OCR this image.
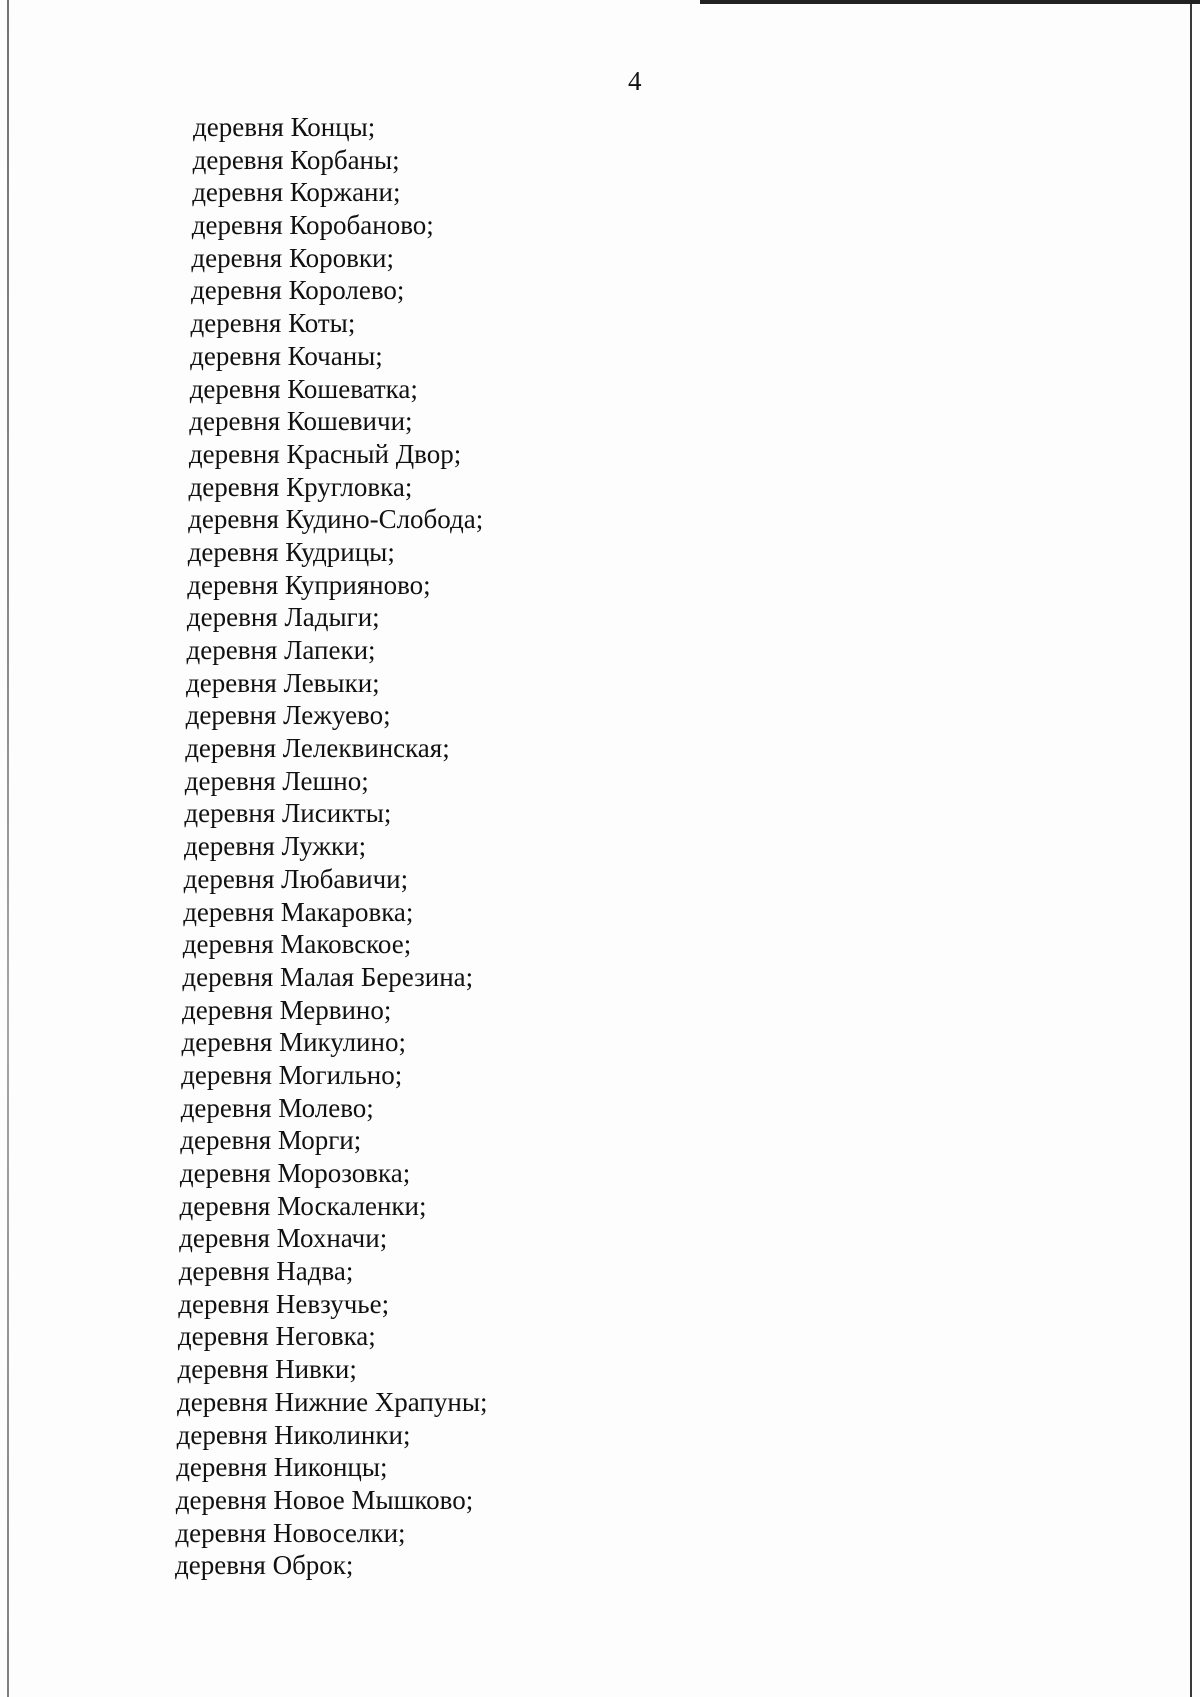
4
деревня Концы;
деревня Корбаны;
деревня Коржани;
деревня Коробаново;
деревня Коровки;
деревня Королево;
деревня Коты;
деревня Кочаны;
деревня Кошеватка;
деревня Кошевичи;
деревня Красный Двор;
деревня Кругловка;
деревня Кудино-Слобода;
деревня Кудрицы;
деревня Куприяново;
деревня Ладыги;
деревня Лапеки;
деревня Левыки;
деревня Лежуево;
деревня Лелеквинская;
деревня Лешно;
деревня Лисикты;
деревня Лужки;
деревня Любавичи;
деревня Макаровка;
деревня Маковское;
деревня Малая Березина;
деревня Мервино;
деревня Микулино;
деревня Могильно;
деревня Молево;
деревня Морги;
деревня Морозовка;
деревня Москаленки;
деревня Мохначи;
деревня Надва;
деревня Невзучье;
деревня Неговка;
деревня Нивки;
деревня Нижние Храпуны;
деревня Николинки;
деревня Никонцы;
деревня Новое Мышково;
деревня Новоселки;
деревня Оброк;
